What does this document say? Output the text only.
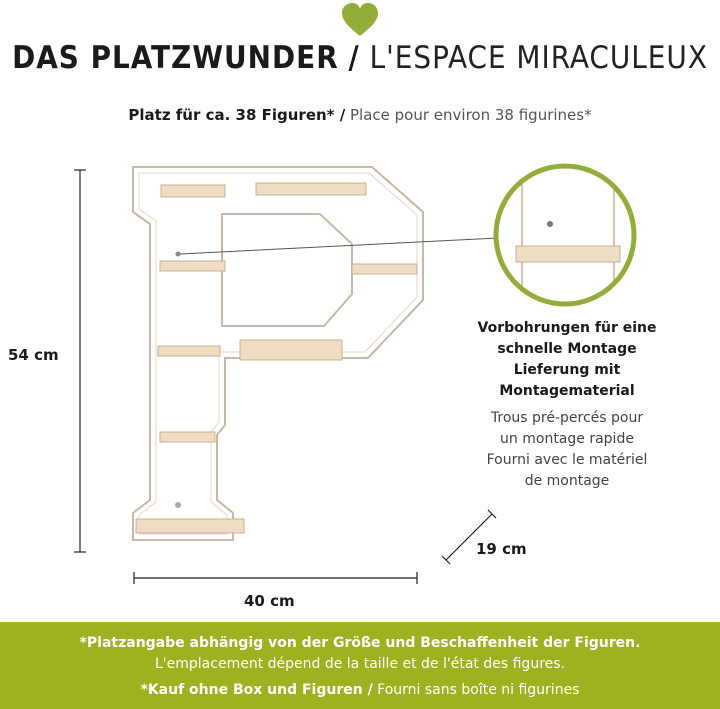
DAS PLATZWUNDER / L'ESPACE MIRACULEUX
Platz für ca. 38 Figuren* / Place pour environ 38 figurines*
54 cm
40 cm
19 cm
Vorbohrungen für eine
schnelle Montage
Lieferung mit
Montagematerial
Trous pré-percés pour
un montage rapide
Fourni avec le matériel
de montage
*Platzangabe abhängig von der Größe und Beschaffenheit der Figuren.
L'emplacement dépend de la taille et de l'état des figures.
*Kauf ohne Box und Figuren / Fourni sans boîte ni figurines
